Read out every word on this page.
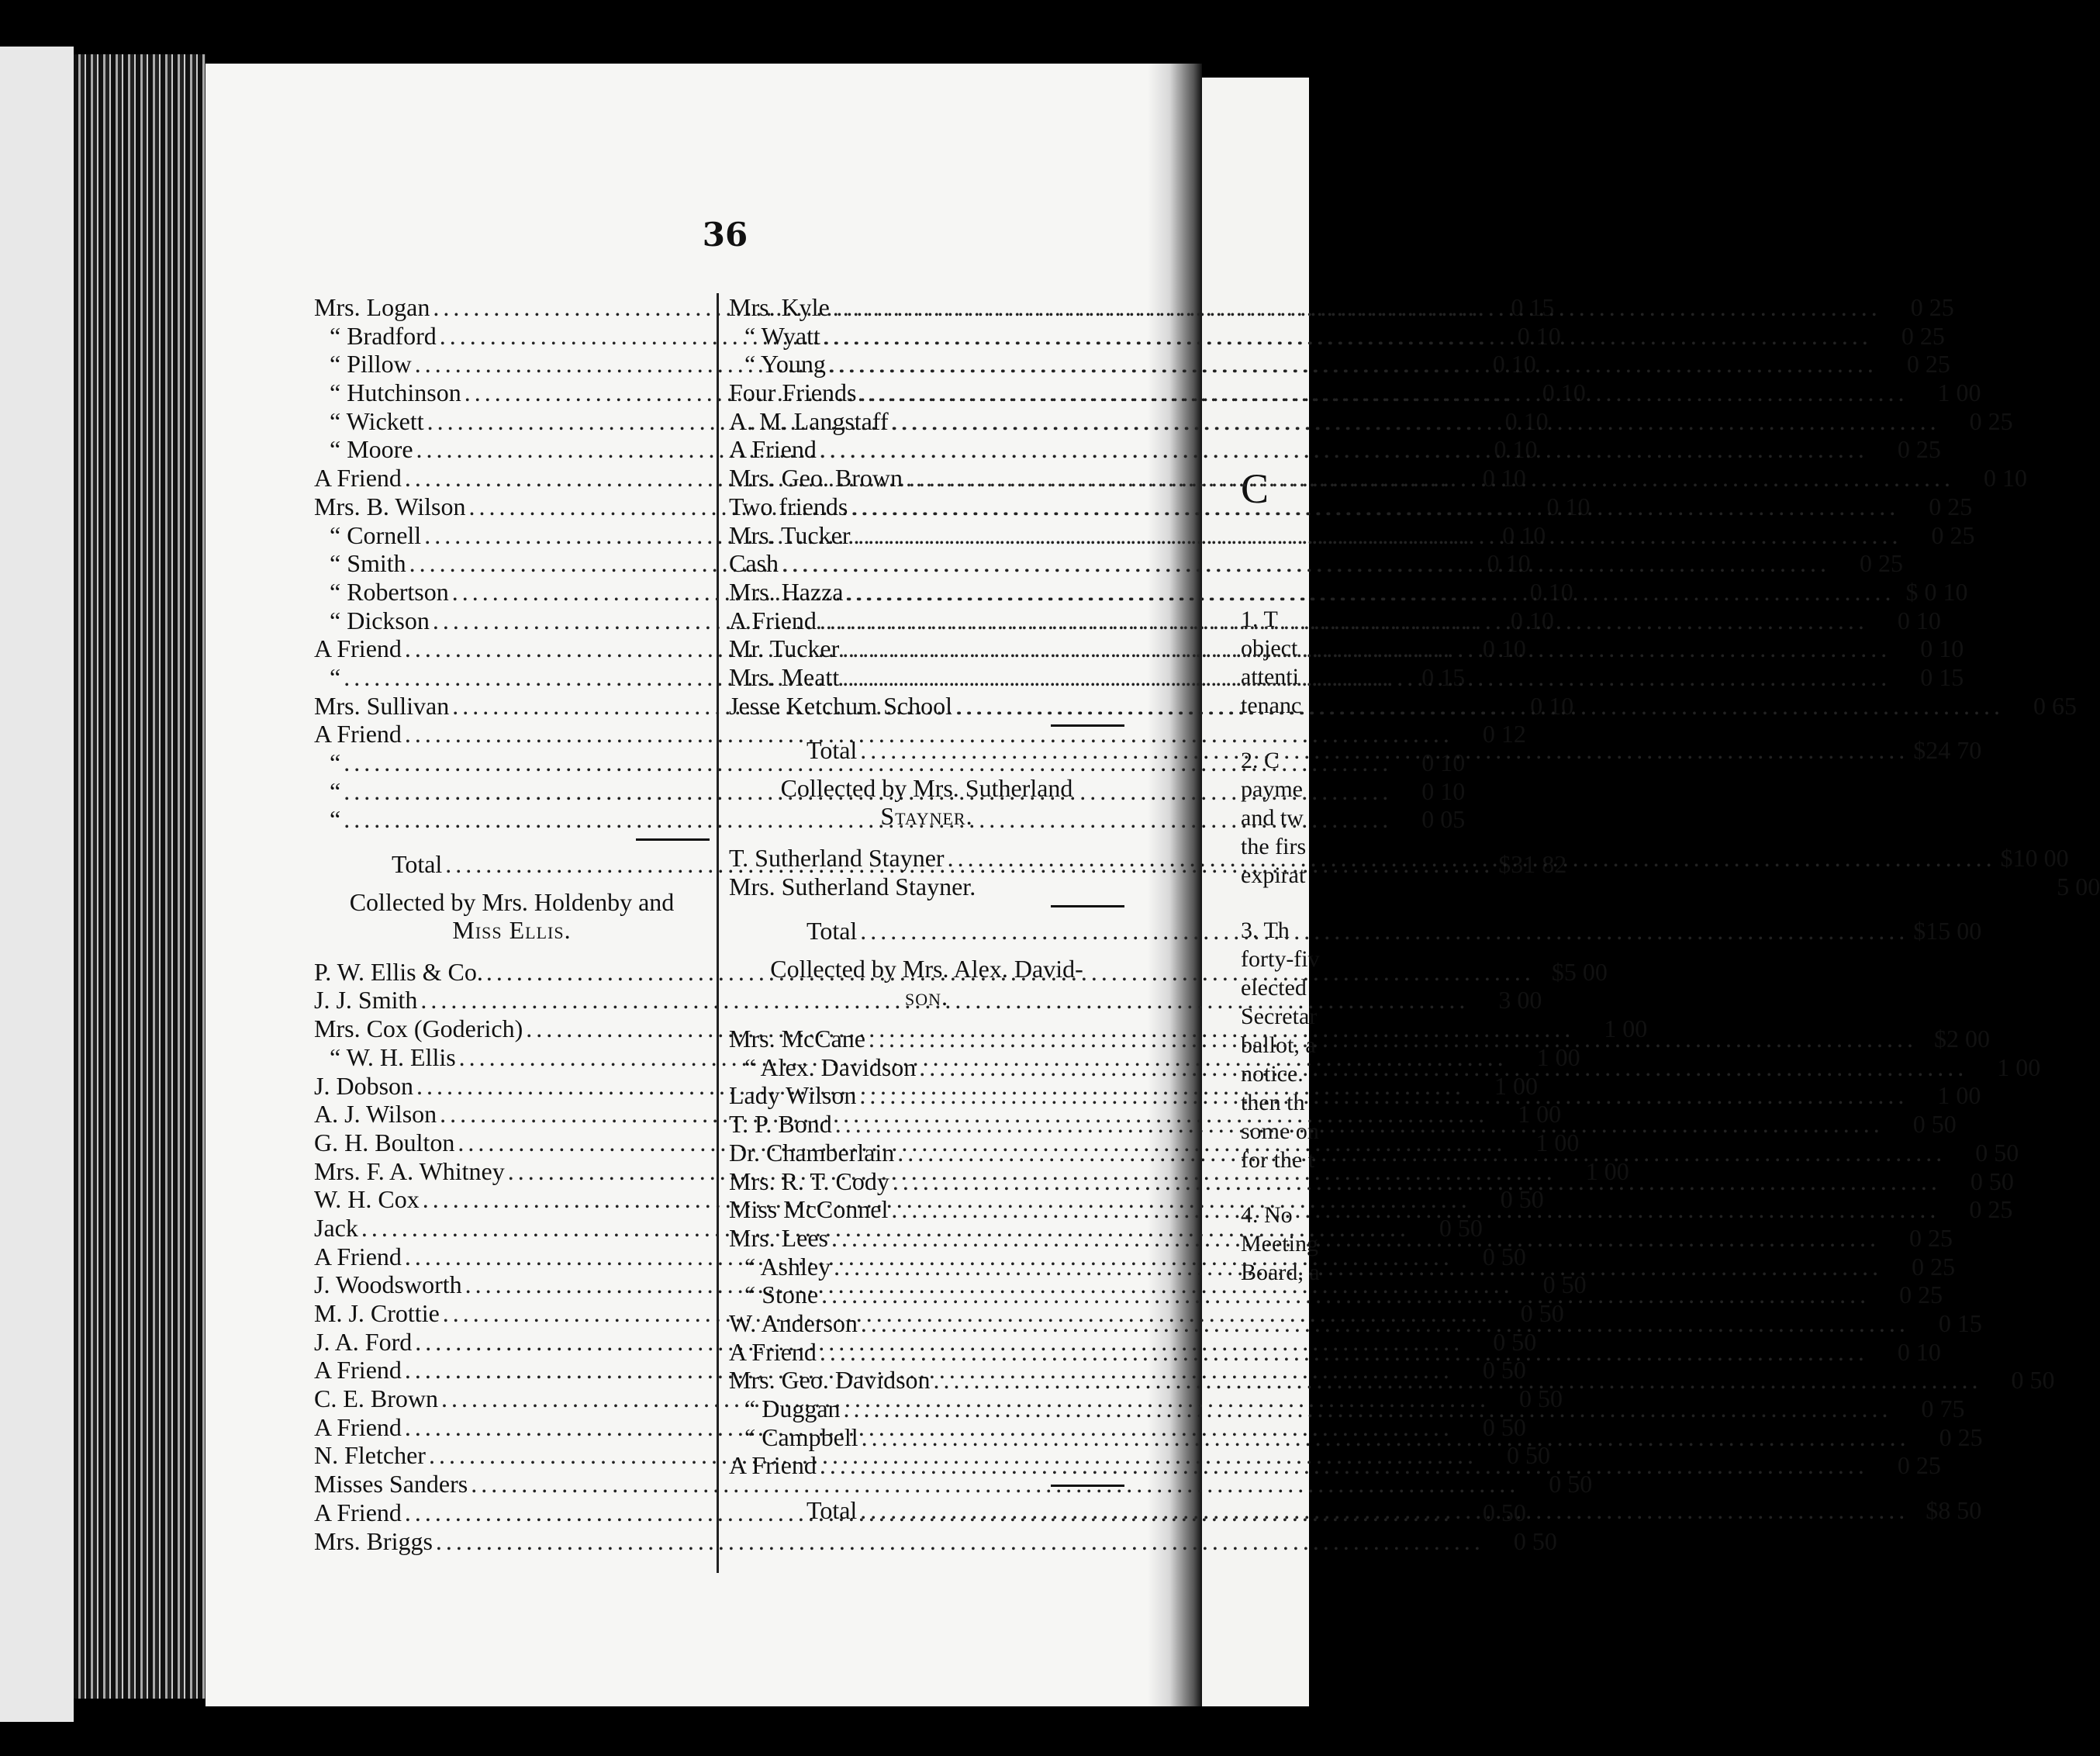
C
1. T
object
attenti
tenanc
2. C
payme
and tw
the firs
expirat
3. Th
forty-fiv
elected
Secretar
ballot, a
notice.
then th
some on
for the t
4. No
Meeting
Board, a
36
Mrs. Logan .....	0 15
“ Bradford .....	0 10
“ Pillow .....	0 10
“ Hutchinson .....	0 10
“ Wickett .....	0 10
“ Moore .....	0 10
A Friend .....	0 10
Mrs. B. Wilson .....	0 10
“ Cornell .....	0 10
“ Smith .....	0 10
“ Robertson .....	0 10
“ Dickson .....	0 10
A Friend .....	0 10
“ .....	0 15
Mrs. Sullivan .....	0 10
A Friend .....	0 12
“ .....	0 10
“ .....	0 10
“ .....	0 05
Total .....	$31 82
Collected by Mrs. Holdenby and
Miss Ellis.
P. W. Ellis & Co. .....	$5 00
J. J. Smith .....	3 00
Mrs. Cox (Goderich) .....	1 00
“ W. H. Ellis .....	1 00
J. Dobson .....	1 00
A. J. Wilson .....	1 00
G. H. Boulton .....	1 00
Mrs. F. A. Whitney .....	1 00
W. H. Cox .....	0 50
Jack .....	0 50
A Friend .....	0 50
J. Woodsworth .....	0 50
M. J. Crottie .....	0 50
J. A. Ford .....	0 50
A Friend .....	0 50
C. E. Brown .....	0 50
A Friend .....	0 50
N. Fletcher .....	0 50
Misses Sanders .....	0 50
A Friend .....	0 50
Mrs. Briggs .....	0 50
Mrs. Kyle .....	0 25
“ Wyatt .....	0 25
“ Young .....	0 25
Four Friends .....	1 00
A. M. Langstaff .....	0 25
A Friend .....	0 25
Mrs. Geo. Brown .....	0 10
Two friends .....	0 25
Mrs. Tucker .....	0 25
Cash .....	0 25
Mrs. Hazza .....	$ 0 10
A Friend .....	0 10
Mr. Tucker .....	0 10
Mrs. Meatt .....	0 15
Jesse Ketchum School .....	0 65
Total .....	$24 70
Collected by Mrs. Sutherland
Stayner.
T. Sutherland Stayner .....	$10 00
Mrs. Sutherland Stayner.	5 00
Total .....	$15 00
Collected by Mrs. Alex. David-
son.
Mrs. McCane .....	$2 00
“ Alex. Davidson .....	1 00
Lady Wilson .....	1 00
T. P. Bond .....	0 50
Dr. Chamberlain .....	0 50
Mrs. R. T. Cody .....	0 50
Miss McConnel .....	0 25
Mrs. Lees .....	0 25
“ Ashley .....	0 25
“ Stone .....	0 25
W. Anderson .....	0 15
A Friend .....	0 10
Mrs. Geo. Davidson .....	0 50
“ Duggan .....	0 75
“ Campbell .....	0 25
A Friend .....	0 25
Total .....	$8 50
